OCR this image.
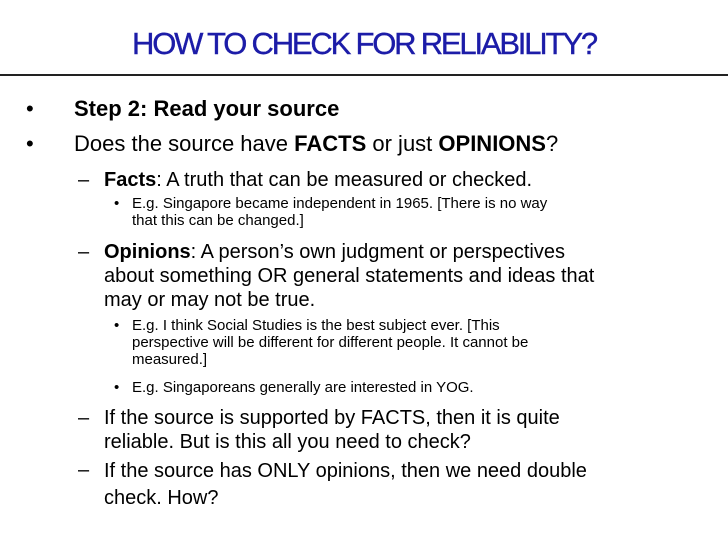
HOW TO CHECK FOR RELIABILITY?
• Step 2: Read your source
• Does the source have FACTS or just OPINIONS?
– Facts: A truth that can be measured or checked.
• E.g. Singapore became independent in 1965. [There is no way
that this can be changed.]
– Opinions: A person’s own judgment or perspectives
about something OR general statements and ideas that
may or may not be true.
• E.g. I think Social Studies is the best subject ever. [This
perspective will be different for different people. It cannot be
measured.]
• E.g. Singaporeans generally are interested in YOG.
– If the source is supported by FACTS, then it is quite
reliable. But is this all you need to check?
– If the source has ONLY opinions, then we need double
check. How?
